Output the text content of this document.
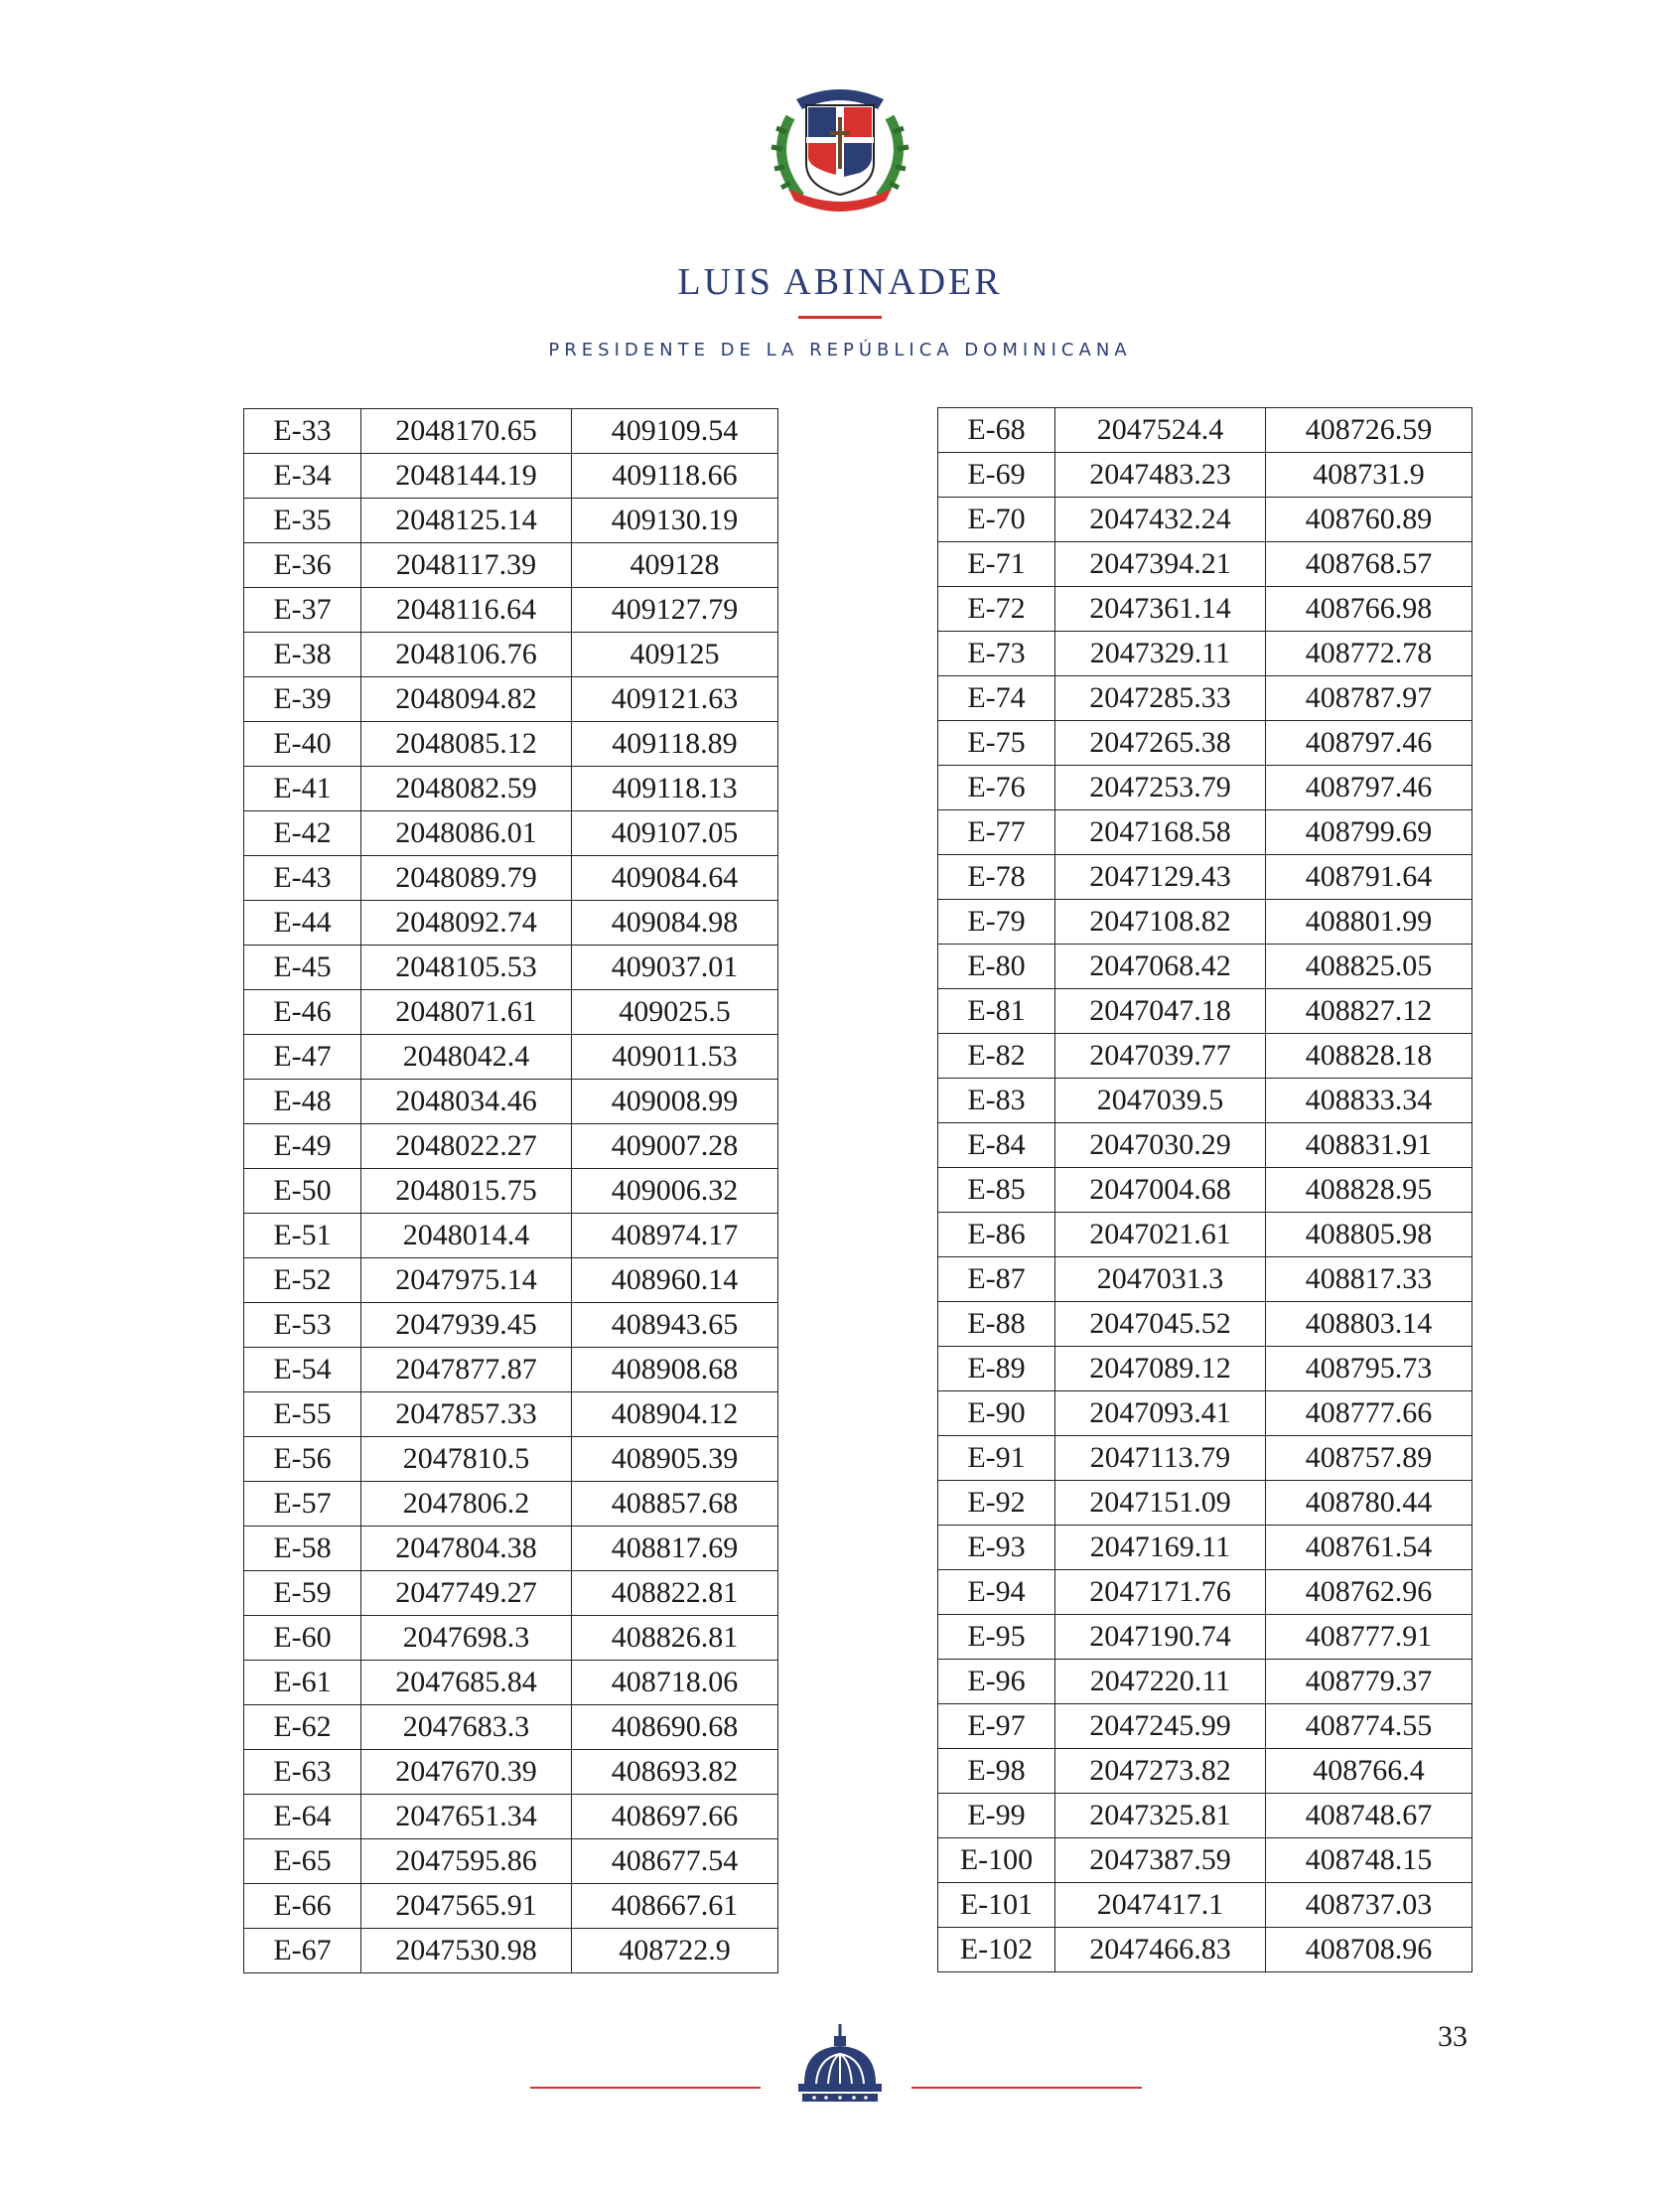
LUIS ABINADER
PRESIDENTE DE LA REPÚBLICA DOMINICANA
E-33	2048170.65	409109.54
E-34	2048144.19	409118.66
E-35	2048125.14	409130.19
E-36	2048117.39	409128
E-37	2048116.64	409127.79
E-38	2048106.76	409125
E-39	2048094.82	409121.63
E-40	2048085.12	409118.89
E-41	2048082.59	409118.13
E-42	2048086.01	409107.05
E-43	2048089.79	409084.64
E-44	2048092.74	409084.98
E-45	2048105.53	409037.01
E-46	2048071.61	409025.5
E-47	2048042.4	409011.53
E-48	2048034.46	409008.99
E-49	2048022.27	409007.28
E-50	2048015.75	409006.32
E-51	2048014.4	408974.17
E-52	2047975.14	408960.14
E-53	2047939.45	408943.65
E-54	2047877.87	408908.68
E-55	2047857.33	408904.12
E-56	2047810.5	408905.39
E-57	2047806.2	408857.68
E-58	2047804.38	408817.69
E-59	2047749.27	408822.81
E-60	2047698.3	408826.81
E-61	2047685.84	408718.06
E-62	2047683.3	408690.68
E-63	2047670.39	408693.82
E-64	2047651.34	408697.66
E-65	2047595.86	408677.54
E-66	2047565.91	408667.61
E-67	2047530.98	408722.9
E-68	2047524.4	408726.59
E-69	2047483.23	408731.9
E-70	2047432.24	408760.89
E-71	2047394.21	408768.57
E-72	2047361.14	408766.98
E-73	2047329.11	408772.78
E-74	2047285.33	408787.97
E-75	2047265.38	408797.46
E-76	2047253.79	408797.46
E-77	2047168.58	408799.69
E-78	2047129.43	408791.64
E-79	2047108.82	408801.99
E-80	2047068.42	408825.05
E-81	2047047.18	408827.12
E-82	2047039.77	408828.18
E-83	2047039.5	408833.34
E-84	2047030.29	408831.91
E-85	2047004.68	408828.95
E-86	2047021.61	408805.98
E-87	2047031.3	408817.33
E-88	2047045.52	408803.14
E-89	2047089.12	408795.73
E-90	2047093.41	408777.66
E-91	2047113.79	408757.89
E-92	2047151.09	408780.44
E-93	2047169.11	408761.54
E-94	2047171.76	408762.96
E-95	2047190.74	408777.91
E-96	2047220.11	408779.37
E-97	2047245.99	408774.55
E-98	2047273.82	408766.4
E-99	2047325.81	408748.67
E-100	2047387.59	408748.15
E-101	2047417.1	408737.03
E-102	2047466.83	408708.96
33
